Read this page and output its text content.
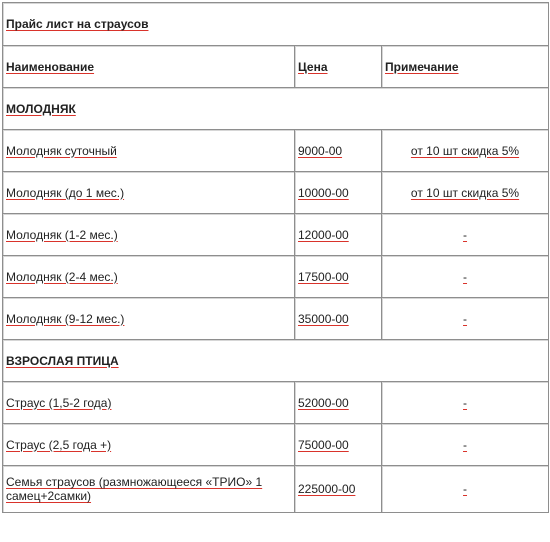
Прайс лист на страусов		
Наименование	Цена	Примечание
МОЛОДНЯК		
Молодняк суточный	9000-00	от 10 шт скидка 5%
Молодняк (до 1 мес.)	10000-00	от 10 шт скидка 5%
Молодняк (1-2 мес.)	12000-00	-
Молодняк (2-4 мес.)	17500-00	-
Молодняк (9-12 мес.)	35000-00	-
ВЗРОСЛАЯ ПТИЦА		
Страус (1,5-2 года)	52000-00	-
Страус (2,5 года +)	75000-00	-
Семья страусов (размножающееся «ТРИО» 1 самец+2самки)	225000-00	-
